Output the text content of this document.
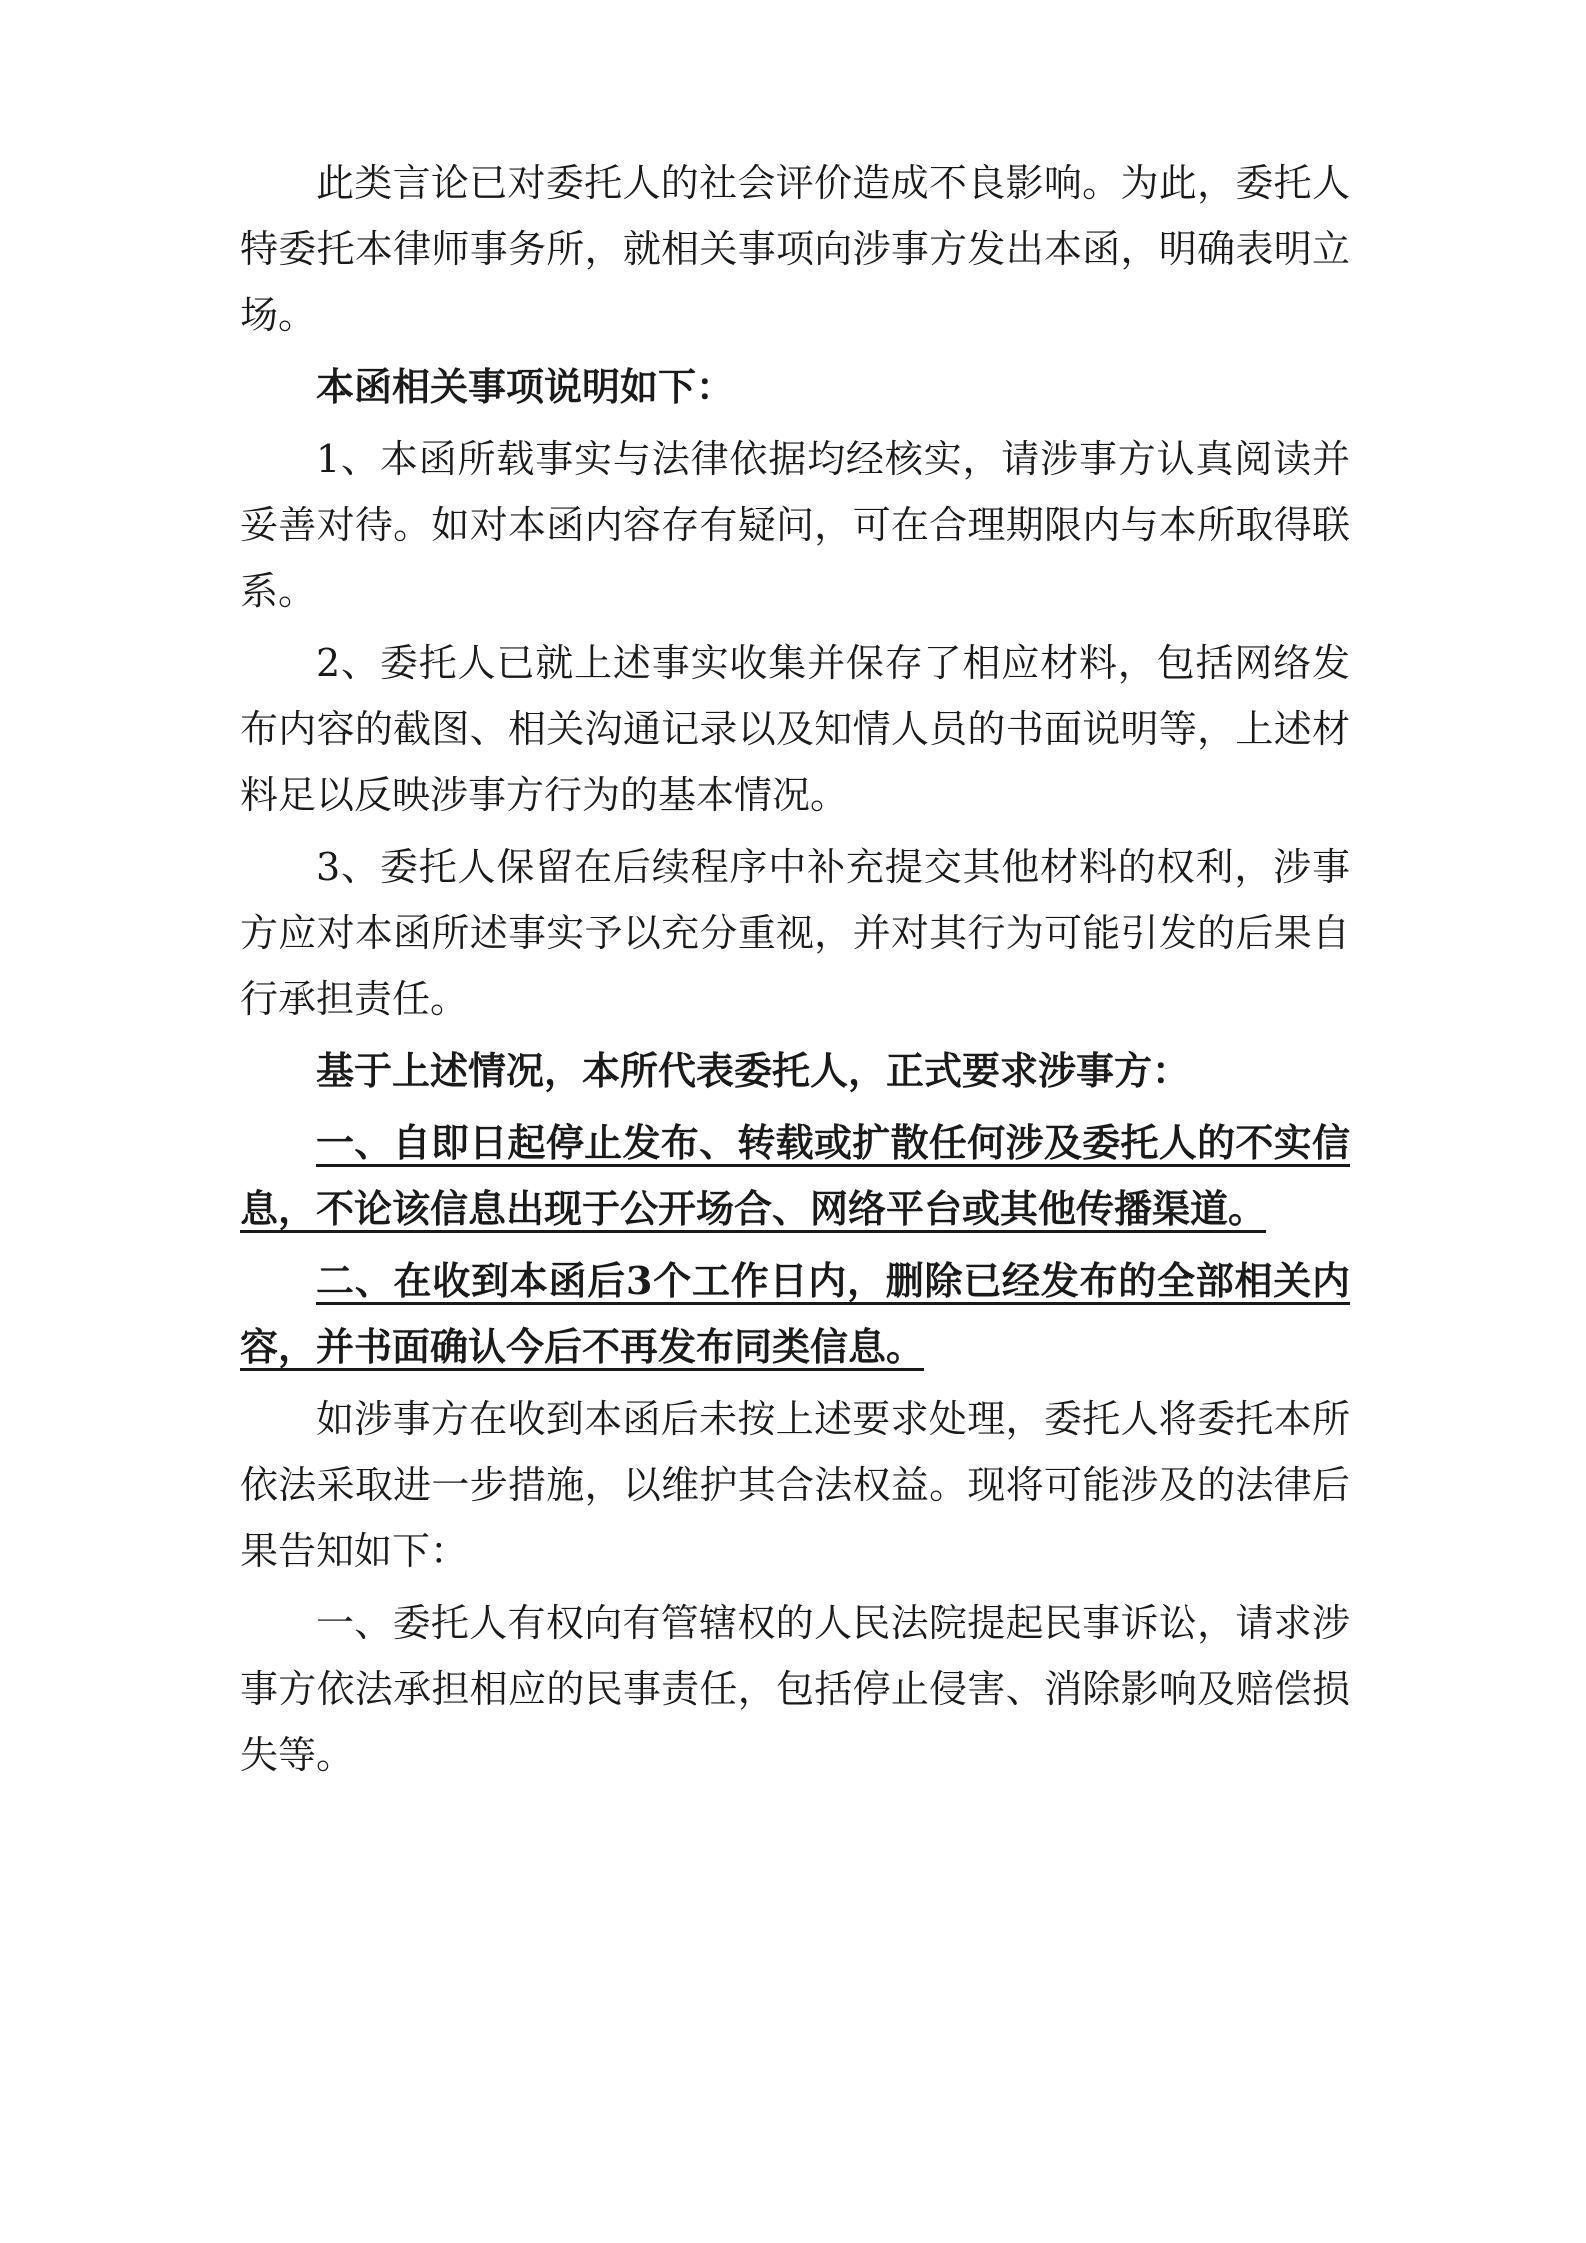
此类言论已对委托人的社会评价造成不良影响。为此，委托人特委托本律师事务所，就相关事项向涉事方发出本函，明确表明立场。

本函相关事项说明如下：

1、本函所载事实与法律依据均经核实，请涉事方认真阅读并妥善对待。如对本函内容存有疑问，可在合理期限内与本所取得联系。

2、委托人已就上述事实收集并保存了相应材料，包括网络发布内容的截图、相关沟通记录以及知情人员的书面说明等，上述材料足以反映涉事方行为的基本情况。

3、委托人保留在后续程序中补充提交其他材料的权利，涉事方应对本函所述事实予以充分重视，并对其行为可能引发的后果自行承担责任。

基于上述情况，本所代表委托人，正式要求涉事方：

一、自即日起停止发布、转载或扩散任何涉及委托人的不实信息，不论该信息出现于公开场合、网络平台或其他传播渠道。

二、在收到本函后3个工作日内，删除已经发布的全部相关内容，并书面确认今后不再发布同类信息。

如涉事方在收到本函后未按上述要求处理，委托人将委托本所依法采取进一步措施，以维护其合法权益。现将可能涉及的法律后果告知如下：

一、委托人有权向有管辖权的人民法院提起民事诉讼，请求涉事方依法承担相应的民事责任，包括停止侵害、消除影响及赔偿损失等。
